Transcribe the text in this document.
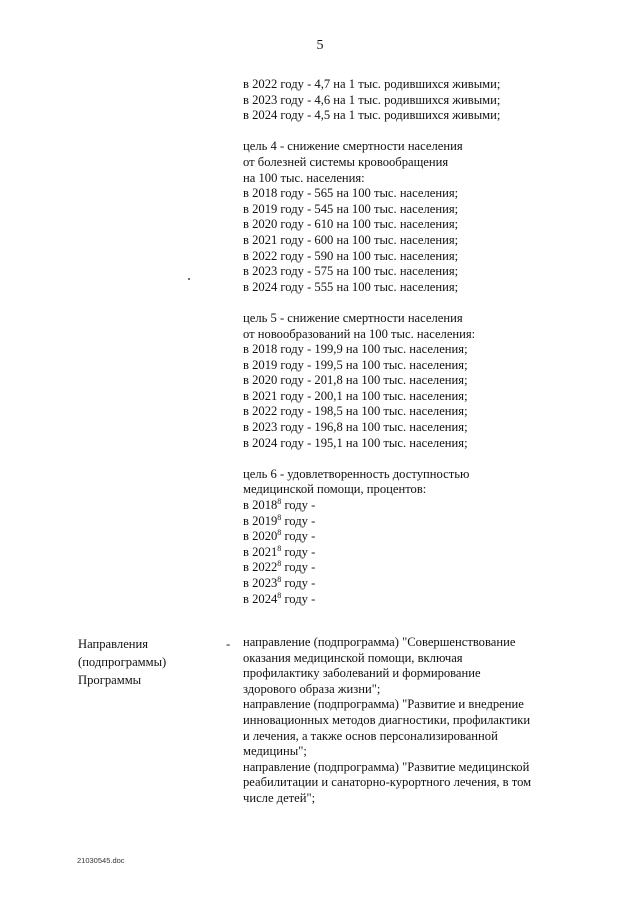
5
в 2022 году - 4,7 на 1 тыс. родившихся живыми;
в 2023 году - 4,6 на 1 тыс. родившихся живыми;
в 2024 году - 4,5 на 1 тыс. родившихся живыми;
цель 4 - снижение смертности населения
от болезней системы кровообращения
на 100 тыс. населения:
в 2018 году - 565 на 100 тыс. населения;
в 2019 году - 545 на 100 тыс. населения;
в 2020 году - 610 на 100 тыс. населения;
в 2021 году - 600 на 100 тыс. населения;
в 2022 году - 590 на 100 тыс. населения;
в 2023 году - 575 на 100 тыс. населения;
в 2024 году - 555 на 100 тыс. населения;
цель 5 - снижение смертности населения
от новообразований на 100 тыс. населения:
в 2018 году - 199,9 на 100 тыс. населения;
в 2019 году - 199,5 на 100 тыс. населения;
в 2020 году - 201,8 на 100 тыс. населения;
в 2021 году - 200,1 на 100 тыс. населения;
в 2022 году - 198,5 на 100 тыс. населения;
в 2023 году - 196,8 на 100 тыс. населения;
в 2024 году - 195,1 на 100 тыс. населения;
цель 6 - удовлетворенность доступностью
медицинской помощи, процентов:
в 2018$^8$ году -
в 2019$^8$ году -
в 2020$^8$ году -
в 2021$^8$ году -
в 2022$^8$ году -
в 2023$^8$ году -
в 2024$^8$ году -
Направления
(подпрограммы)
Программы
- направление (подпрограмма) "Совершенствование
оказания медицинской помощи, включая
профилактику заболеваний и формирование
здорового образа жизни";
направление (подпрограмма) "Развитие и внедрение
инновационных методов диагностики, профилактики
и лечения, а также основ персонализированной
медицины";
направление (подпрограмма) "Развитие медицинской
реабилитации и санаторно-курортного лечения, в том
числе детей";
21030545.doc
